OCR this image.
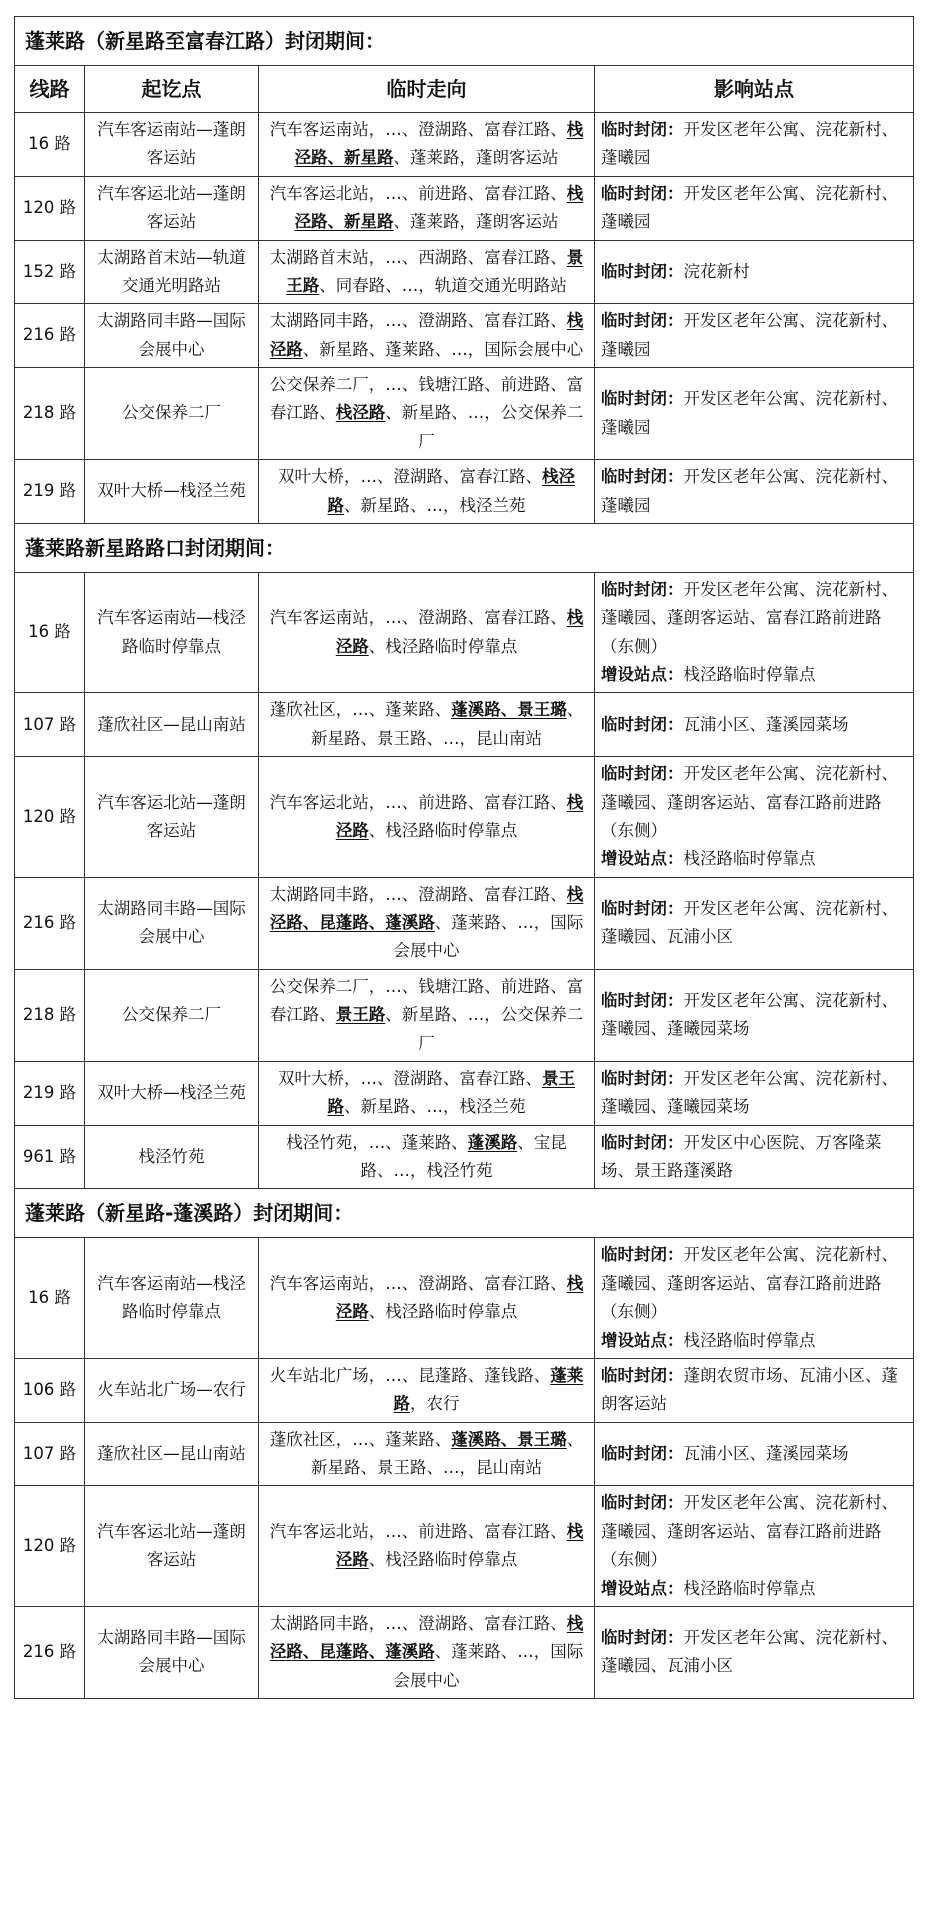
蓬莱路（新星路至富春江路）封闭期间：			
线路	起讫点	临时走向	影响站点
16 路	汽车客运南站—蓬朗客运站	汽车客运南站，…、澄湖路、富春江路、栈泾路、新星路、蓬莱路，蓬朗客运站	临时封闭：开发区老年公寓、浣花新村、蓬曦园

120 路	汽车客运北站—蓬朗客运站	汽车客运北站，…、前进路、富春江路、栈泾路、新星路、蓬莱路，蓬朗客运站	临时封闭：开发区老年公寓、浣花新村、蓬曦园

152 路	太湖路首末站—轨道交通光明路站	太湖路首末站，…、西湖路、富春江路、景王路、同春路、…，轨道交通光明路站	临时封闭：浣花新村

216 路	太湖路同丰路—国际会展中心	太湖路同丰路，…、澄湖路、富春江路、栈泾路、新星路、蓬莱路、…，国际会展中心	临时封闭：开发区老年公寓、浣花新村、蓬曦园

218 路	公交保养二厂	公交保养二厂，…、钱塘江路、前进路、富春江路、栈泾路、新星路、…，公交保养二厂	临时封闭：开发区老年公寓、浣花新村、蓬曦园

219 路	双叶大桥—栈泾兰苑	双叶大桥，…、澄湖路、富春江路、栈泾路、新星路、…，栈泾兰苑	临时封闭：开发区老年公寓、浣花新村、蓬曦园

蓬莱路新星路路口封闭期间：			
16 路	汽车客运南站—栈泾路临时停靠点	汽车客运南站，…、澄湖路、富春江路、栈泾路、栈泾路临时停靠点	临时封闭：开发区老年公寓、浣花新村、蓬曦园、蓬朗客运站、富春江路前进路（东侧）
增设站点：栈泾路临时停靠点

107 路	蓬欣社区—昆山南站	蓬欣社区，…、蓬莱路、蓬溪路、景王璐、新星路、景王路、…，昆山南站	临时封闭：瓦浦小区、蓬溪园菜场

120 路	汽车客运北站—蓬朗客运站	汽车客运北站，…、前进路、富春江路、栈泾路、栈泾路临时停靠点	临时封闭：开发区老年公寓、浣花新村、蓬曦园、蓬朗客运站、富春江路前进路（东侧）
增设站点：栈泾路临时停靠点

216 路	太湖路同丰路—国际会展中心	太湖路同丰路，…、澄湖路、富春江路、栈泾路、昆蓬路、蓬溪路、蓬莱路、…，国际会展中心	临时封闭：开发区老年公寓、浣花新村、蓬曦园、瓦浦小区

218 路	公交保养二厂	公交保养二厂，…、钱塘江路、前进路、富春江路、景王路、新星路、…，公交保养二厂	临时封闭：开发区老年公寓、浣花新村、蓬曦园、蓬曦园菜场

219 路	双叶大桥—栈泾兰苑	双叶大桥，…、澄湖路、富春江路、景王路、新星路、…，栈泾兰苑	临时封闭：开发区老年公寓、浣花新村、蓬曦园、蓬曦园菜场

961 路	栈泾竹苑	栈泾竹苑，…、蓬莱路、蓬溪路、宝昆路、…，栈泾竹苑	临时封闭：开发区中心医院、万客隆菜场、景王路蓬溪路

蓬莱路（新星路-蓬溪路）封闭期间：			
16 路	汽车客运南站—栈泾路临时停靠点	汽车客运南站，…、澄湖路、富春江路、栈泾路、栈泾路临时停靠点	临时封闭：开发区老年公寓、浣花新村、蓬曦园、蓬朗客运站、富春江路前进路（东侧）
增设站点：栈泾路临时停靠点

106 路	火车站北广场—农行	火车站北广场，…、昆蓬路、蓬钱路、蓬莱路，农行	临时封闭：蓬朗农贸市场、瓦浦小区、蓬朗客运站

107 路	蓬欣社区—昆山南站	蓬欣社区，…、蓬莱路、蓬溪路、景王璐、新星路、景王路、…，昆山南站	临时封闭：瓦浦小区、蓬溪园菜场

120 路	汽车客运北站—蓬朗客运站	汽车客运北站，…、前进路、富春江路、栈泾路、栈泾路临时停靠点	临时封闭：开发区老年公寓、浣花新村、蓬曦园、蓬朗客运站、富春江路前进路（东侧）
增设站点：栈泾路临时停靠点

216 路	太湖路同丰路—国际会展中心	太湖路同丰路，…、澄湖路、富春江路、栈泾路、昆蓬路、蓬溪路、蓬莱路、…，国际会展中心	临时封闭：开发区老年公寓、浣花新村、蓬曦园、瓦浦小区
